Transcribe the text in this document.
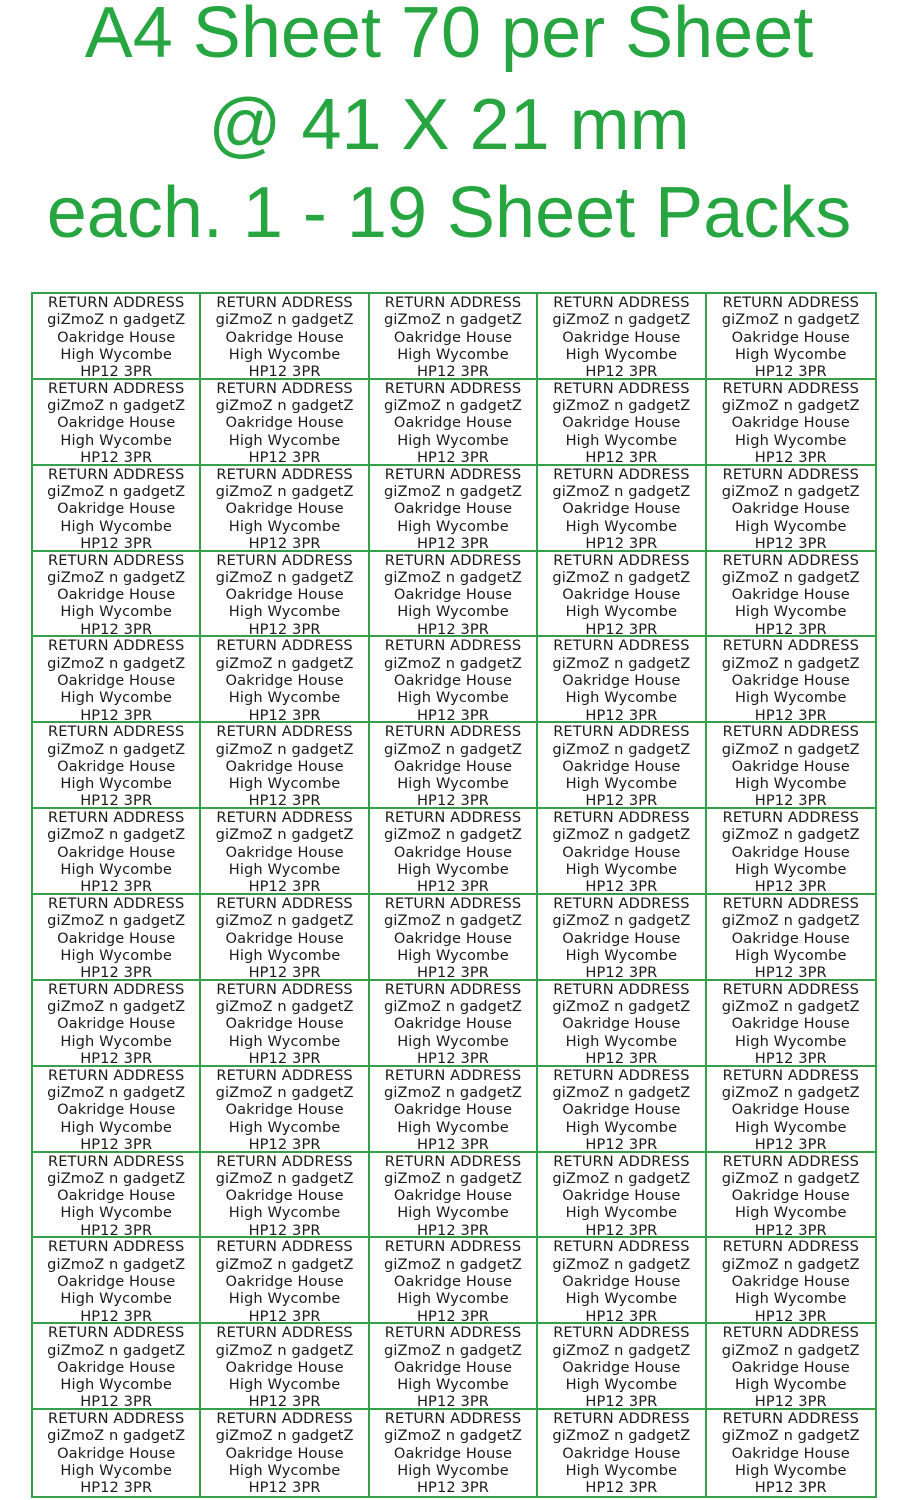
A4 Sheet 70 per Sheet
@ 41 X 21 mm
each. 1 - 19 Sheet Packs
RETURN ADDRESS
giZmoZ n gadgetZ
Oakridge House
High Wycombe
HP12 3PR
RETURN ADDRESS
giZmoZ n gadgetZ
Oakridge House
High Wycombe
HP12 3PR
RETURN ADDRESS
giZmoZ n gadgetZ
Oakridge House
High Wycombe
HP12 3PR
RETURN ADDRESS
giZmoZ n gadgetZ
Oakridge House
High Wycombe
HP12 3PR
RETURN ADDRESS
giZmoZ n gadgetZ
Oakridge House
High Wycombe
HP12 3PR
RETURN ADDRESS
giZmoZ n gadgetZ
Oakridge House
High Wycombe
HP12 3PR
RETURN ADDRESS
giZmoZ n gadgetZ
Oakridge House
High Wycombe
HP12 3PR
RETURN ADDRESS
giZmoZ n gadgetZ
Oakridge House
High Wycombe
HP12 3PR
RETURN ADDRESS
giZmoZ n gadgetZ
Oakridge House
High Wycombe
HP12 3PR
RETURN ADDRESS
giZmoZ n gadgetZ
Oakridge House
High Wycombe
HP12 3PR
RETURN ADDRESS
giZmoZ n gadgetZ
Oakridge House
High Wycombe
HP12 3PR
RETURN ADDRESS
giZmoZ n gadgetZ
Oakridge House
High Wycombe
HP12 3PR
RETURN ADDRESS
giZmoZ n gadgetZ
Oakridge House
High Wycombe
HP12 3PR
RETURN ADDRESS
giZmoZ n gadgetZ
Oakridge House
High Wycombe
HP12 3PR
RETURN ADDRESS
giZmoZ n gadgetZ
Oakridge House
High Wycombe
HP12 3PR
RETURN ADDRESS
giZmoZ n gadgetZ
Oakridge House
High Wycombe
HP12 3PR
RETURN ADDRESS
giZmoZ n gadgetZ
Oakridge House
High Wycombe
HP12 3PR
RETURN ADDRESS
giZmoZ n gadgetZ
Oakridge House
High Wycombe
HP12 3PR
RETURN ADDRESS
giZmoZ n gadgetZ
Oakridge House
High Wycombe
HP12 3PR
RETURN ADDRESS
giZmoZ n gadgetZ
Oakridge House
High Wycombe
HP12 3PR
RETURN ADDRESS
giZmoZ n gadgetZ
Oakridge House
High Wycombe
HP12 3PR
RETURN ADDRESS
giZmoZ n gadgetZ
Oakridge House
High Wycombe
HP12 3PR
RETURN ADDRESS
giZmoZ n gadgetZ
Oakridge House
High Wycombe
HP12 3PR
RETURN ADDRESS
giZmoZ n gadgetZ
Oakridge House
High Wycombe
HP12 3PR
RETURN ADDRESS
giZmoZ n gadgetZ
Oakridge House
High Wycombe
HP12 3PR
RETURN ADDRESS
giZmoZ n gadgetZ
Oakridge House
High Wycombe
HP12 3PR
RETURN ADDRESS
giZmoZ n gadgetZ
Oakridge House
High Wycombe
HP12 3PR
RETURN ADDRESS
giZmoZ n gadgetZ
Oakridge House
High Wycombe
HP12 3PR
RETURN ADDRESS
giZmoZ n gadgetZ
Oakridge House
High Wycombe
HP12 3PR
RETURN ADDRESS
giZmoZ n gadgetZ
Oakridge House
High Wycombe
HP12 3PR
RETURN ADDRESS
giZmoZ n gadgetZ
Oakridge House
High Wycombe
HP12 3PR
RETURN ADDRESS
giZmoZ n gadgetZ
Oakridge House
High Wycombe
HP12 3PR
RETURN ADDRESS
giZmoZ n gadgetZ
Oakridge House
High Wycombe
HP12 3PR
RETURN ADDRESS
giZmoZ n gadgetZ
Oakridge House
High Wycombe
HP12 3PR
RETURN ADDRESS
giZmoZ n gadgetZ
Oakridge House
High Wycombe
HP12 3PR
RETURN ADDRESS
giZmoZ n gadgetZ
Oakridge House
High Wycombe
HP12 3PR
RETURN ADDRESS
giZmoZ n gadgetZ
Oakridge House
High Wycombe
HP12 3PR
RETURN ADDRESS
giZmoZ n gadgetZ
Oakridge House
High Wycombe
HP12 3PR
RETURN ADDRESS
giZmoZ n gadgetZ
Oakridge House
High Wycombe
HP12 3PR
RETURN ADDRESS
giZmoZ n gadgetZ
Oakridge House
High Wycombe
HP12 3PR
RETURN ADDRESS
giZmoZ n gadgetZ
Oakridge House
High Wycombe
HP12 3PR
RETURN ADDRESS
giZmoZ n gadgetZ
Oakridge House
High Wycombe
HP12 3PR
RETURN ADDRESS
giZmoZ n gadgetZ
Oakridge House
High Wycombe
HP12 3PR
RETURN ADDRESS
giZmoZ n gadgetZ
Oakridge House
High Wycombe
HP12 3PR
RETURN ADDRESS
giZmoZ n gadgetZ
Oakridge House
High Wycombe
HP12 3PR
RETURN ADDRESS
giZmoZ n gadgetZ
Oakridge House
High Wycombe
HP12 3PR
RETURN ADDRESS
giZmoZ n gadgetZ
Oakridge House
High Wycombe
HP12 3PR
RETURN ADDRESS
giZmoZ n gadgetZ
Oakridge House
High Wycombe
HP12 3PR
RETURN ADDRESS
giZmoZ n gadgetZ
Oakridge House
High Wycombe
HP12 3PR
RETURN ADDRESS
giZmoZ n gadgetZ
Oakridge House
High Wycombe
HP12 3PR
RETURN ADDRESS
giZmoZ n gadgetZ
Oakridge House
High Wycombe
HP12 3PR
RETURN ADDRESS
giZmoZ n gadgetZ
Oakridge House
High Wycombe
HP12 3PR
RETURN ADDRESS
giZmoZ n gadgetZ
Oakridge House
High Wycombe
HP12 3PR
RETURN ADDRESS
giZmoZ n gadgetZ
Oakridge House
High Wycombe
HP12 3PR
RETURN ADDRESS
giZmoZ n gadgetZ
Oakridge House
High Wycombe
HP12 3PR
RETURN ADDRESS
giZmoZ n gadgetZ
Oakridge House
High Wycombe
HP12 3PR
RETURN ADDRESS
giZmoZ n gadgetZ
Oakridge House
High Wycombe
HP12 3PR
RETURN ADDRESS
giZmoZ n gadgetZ
Oakridge House
High Wycombe
HP12 3PR
RETURN ADDRESS
giZmoZ n gadgetZ
Oakridge House
High Wycombe
HP12 3PR
RETURN ADDRESS
giZmoZ n gadgetZ
Oakridge House
High Wycombe
HP12 3PR
RETURN ADDRESS
giZmoZ n gadgetZ
Oakridge House
High Wycombe
HP12 3PR
RETURN ADDRESS
giZmoZ n gadgetZ
Oakridge House
High Wycombe
HP12 3PR
RETURN ADDRESS
giZmoZ n gadgetZ
Oakridge House
High Wycombe
HP12 3PR
RETURN ADDRESS
giZmoZ n gadgetZ
Oakridge House
High Wycombe
HP12 3PR
RETURN ADDRESS
giZmoZ n gadgetZ
Oakridge House
High Wycombe
HP12 3PR
RETURN ADDRESS
giZmoZ n gadgetZ
Oakridge House
High Wycombe
HP12 3PR
RETURN ADDRESS
giZmoZ n gadgetZ
Oakridge House
High Wycombe
HP12 3PR
RETURN ADDRESS
giZmoZ n gadgetZ
Oakridge House
High Wycombe
HP12 3PR
RETURN ADDRESS
giZmoZ n gadgetZ
Oakridge House
High Wycombe
HP12 3PR
RETURN ADDRESS
giZmoZ n gadgetZ
Oakridge House
High Wycombe
HP12 3PR
